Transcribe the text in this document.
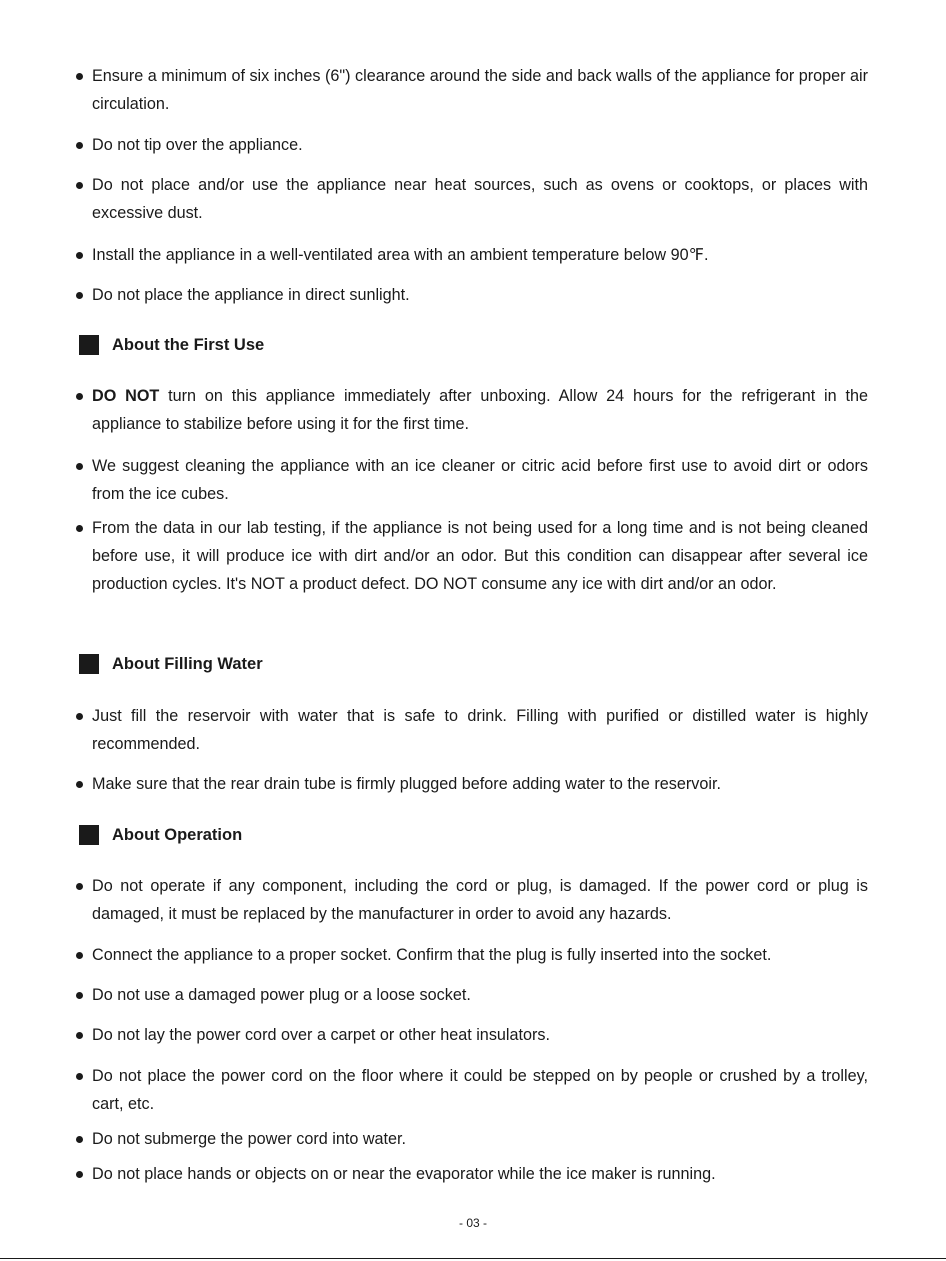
Ensure a minimum of six inches (6") clearance around the side and back walls of the appliance for proper air circulation.
Do not tip over the appliance.
Do not place and/or use the appliance near heat sources, such as ovens or cooktops, or places with excessive dust.
Install the appliance in a well-ventilated area with an ambient temperature below 90℉.
Do not place the appliance in direct sunlight.
About the First Use
DO NOT turn on this appliance immediately after unboxing. Allow 24 hours for the refrigerant in the appliance to stabilize before using it for the first time.
We suggest cleaning the appliance with an ice cleaner or citric acid before first use to avoid dirt or odors from the ice cubes.
From the data in our lab testing, if the appliance is not being used for a long time and is not being cleaned before use, it will produce ice with dirt and/or an odor. But this condition can disappear after several ice production cycles. It's NOT a product defect. DO NOT consume any ice with dirt and/or an odor.
About Filling Water
Just fill the reservoir with water that is safe to drink. Filling with purified or distilled water is highly recommended.
Make sure that the rear drain tube is firmly plugged before adding water to the reservoir.
About Operation
Do not operate if any component, including the cord or plug, is damaged. If the power cord or plug is damaged, it must be replaced by the manufacturer in order to avoid any hazards.
Connect the appliance to a proper socket. Confirm that the plug is fully inserted into the socket.
Do not use a damaged power plug or a loose socket.
Do not lay the power cord over a carpet or other heat insulators.
Do not place the power cord on the floor where it could be stepped on by people or crushed by a trolley, cart, etc.
Do not submerge the power cord into water.
Do not place hands or objects on or near the evaporator while the ice maker is running.
- 03 -
